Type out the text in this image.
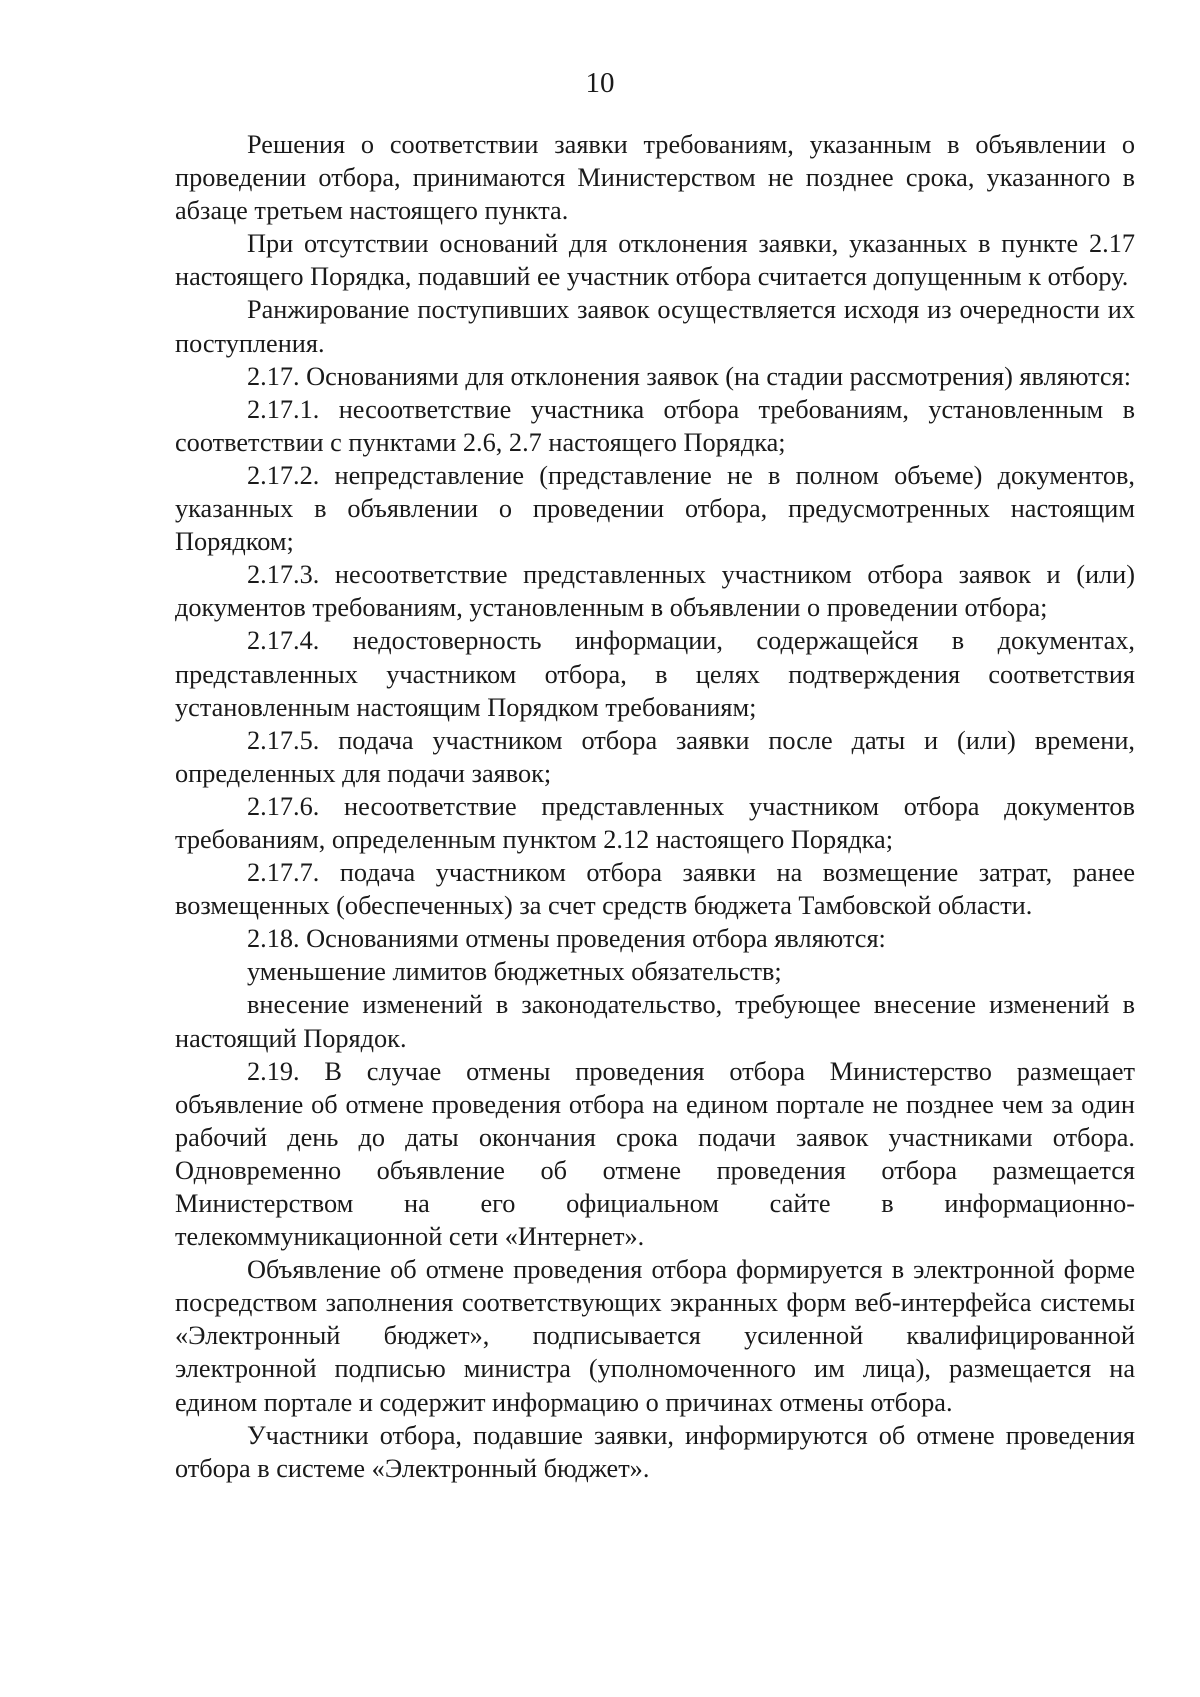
10

Решения о соответствии заявки требованиям, указанным в объявлении о проведении отбора, принимаются Министерством не позднее срока, указанного в абзаце третьем настоящего пункта.

При отсутствии оснований для отклонения заявки, указанных в пункте 2.17 настоящего Порядка, подавший ее участник отбора считается допущенным к отбору.

Ранжирование поступивших заявок осуществляется исходя из очередности их поступления.

2.17. Основаниями для отклонения заявок (на стадии рассмотрения) являются:

2.17.1. несоответствие участника отбора требованиям, установленным в соответствии с пунктами 2.6, 2.7 настоящего Порядка;

2.17.2. непредставление (представление не в полном объеме) документов, указанных в объявлении о проведении отбора, предусмотренных настоящим Порядком;

2.17.3. несоответствие представленных участником отбора заявок и (или) документов требованиям, установленным в объявлении о проведении отбора;

2.17.4. недостоверность информации, содержащейся в документах, представленных участником отбора, в целях подтверждения соответствия установленным настоящим Порядком требованиям;

2.17.5. подача участником отбора заявки после даты и (или) времени, определенных для подачи заявок;

2.17.6. несоответствие представленных участником отбора документов требованиям, определенным пунктом 2.12 настоящего Порядка;

2.17.7. подача участником отбора заявки на возмещение затрат, ранее возмещенных (обеспеченных) за счет средств бюджета Тамбовской области.

2.18. Основаниями отмены проведения отбора являются:

уменьшение лимитов бюджетных обязательств;

внесение изменений в законодательство, требующее внесение изменений в настоящий Порядок.

2.19. В случае отмены проведения отбора Министерство размещает объявление об отмене проведения отбора на едином портале не позднее чем за один рабочий день до даты окончания срока подачи заявок участниками отбора. Одновременно объявление об отмене проведения отбора размещается Министерством на его официальном сайте в информационно-телекоммуникационной сети «Интернет».

Объявление об отмене проведения отбора формируется в электронной форме посредством заполнения соответствующих экранных форм веб-интерфейса системы «Электронный бюджет», подписывается усиленной квалифицированной электронной подписью министра (уполномоченного им лица), размещается на едином портале и содержит информацию о причинах отмены отбора.

Участники отбора, подавшие заявки, информируются об отмене проведения отбора в системе «Электронный бюджет».
